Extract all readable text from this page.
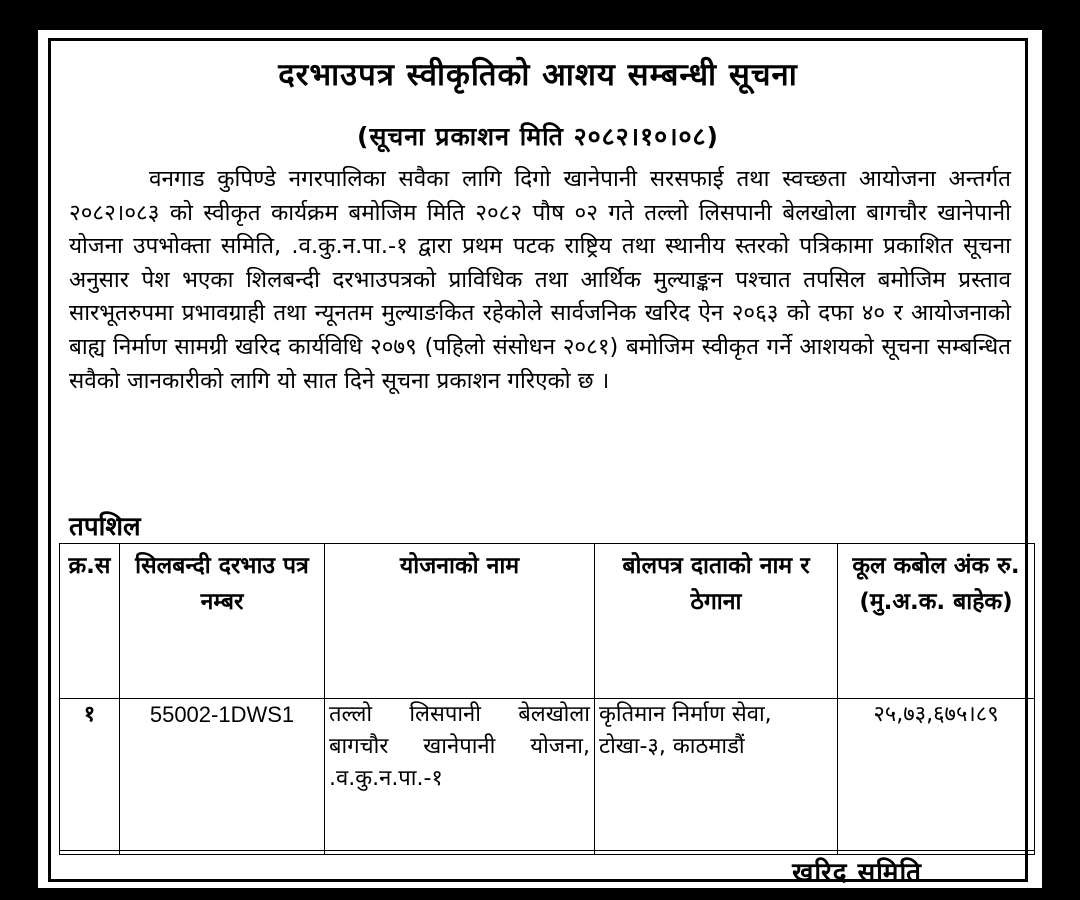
दरभाउपत्र स्वीकृतिको आशय सम्बन्धी सूचना
(सूचना प्रकाशन मिति २०८२।१०।०८)

वनगाड कुपिण्डे नगरपालिका सवैका लागि दिगो खानेपानी सरसफाई तथा स्वच्छता आयोजना अन्तर्गत २०८२।०८३ को स्वीकृत कार्यक्रम बमोजिम मिति २०८२ पौष ०२ गते तल्लो लिसपानी बेलखोला बागचौर खानेपानी योजना उपभोक्ता समिति, .व.कु.न.पा.-१ द्वारा प्रथम पटक राष्ट्रिय तथा स्थानीय स्तरको पत्रिकामा प्रकाशित सूचना अनुसार पेश भएका शिलबन्दी दरभाउपत्रको प्राविधिक तथा आर्थिक मुल्याङ्कन पश्चात तपसिल बमोजिम प्रस्ताव सारभूतरुपमा प्रभावग्राही तथा न्यूनतम मुल्याङकित रहेकोले सार्वजनिक खरिद ऐन २०६३ को दफा ४० र आयोजनाको बाह्य निर्माण सामग्री खरिद कार्यविधि २०७९ (पहिलो संसोधन २०८१) बमोजिम स्वीकृत गर्ने आशयको सूचना सम्बन्धित सवैको जानकारीको लागि यो सात दिने सूचना प्रकाशन गरिएको छ ।

तपशिल
क्र.स	सिलबन्दी दरभाउ पत्र नम्बर	योजनाको नाम	बोलपत्र दाताको नाम र ठेगाना	कूल कबोल अंक रु. (मु.अ.क. बाहेक)
१	55002-1DWS1	तल्लो लिसपानी बेलखोला बागचौर खानेपानी योजना, .व.कु.न.पा.-१	कृतिमान निर्माण सेवा, टोखा-३, काठमाडौं	२५,७३,६७५।८९
खरिद समिति
